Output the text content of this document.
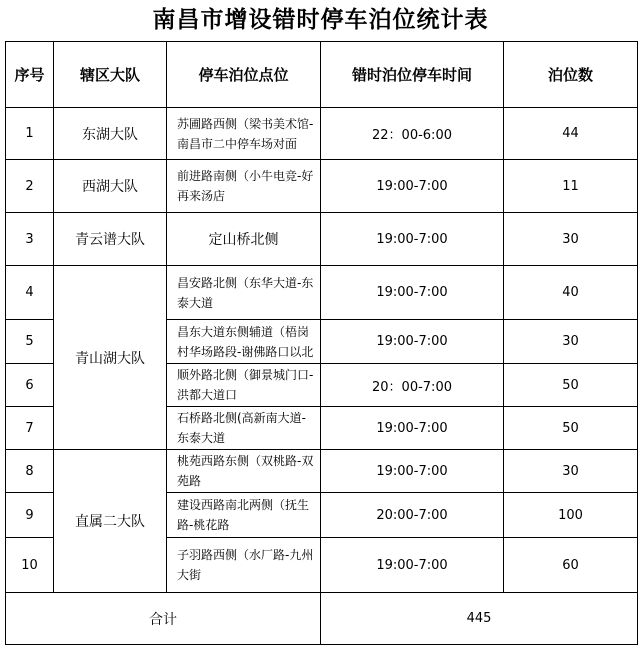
南昌市增设错时停车泊位统计表
序号	辖区大队	停车泊位点位	错时泊位停车时间	泊位数
1	东湖大队	苏圃路西侧（梁书美术馆-南昌市二中停车场对面	22：00-6:00	44
2	西湖大队	前进路南侧（小牛电竞-好再来汤店	19:00-7:00	11
3	青云谱大队	定山桥北侧	19:00-7:00	30
4	青山湖大队	昌安路北侧（东华大道-东泰大道	19:00-7:00	40
5		昌东大道东侧辅道（梧岗村华场路段-谢佛路口以北	19:00-7:00	30
6		顺外路北侧（御景城门口-洪都大道口	20：00-7:00	50
7		石桥路北侧(高新南大道-东泰大道	19:00-7:00	50
8	直属二大队	桃苑西路东侧（双桃路-双苑路	19:00-7:00	30
9		建设西路南北两侧（抚生路-桃花路	20:00-7:00	100
10		子羽路西侧（水厂路-九州大街	19:00-7:00	60
合计			445	
